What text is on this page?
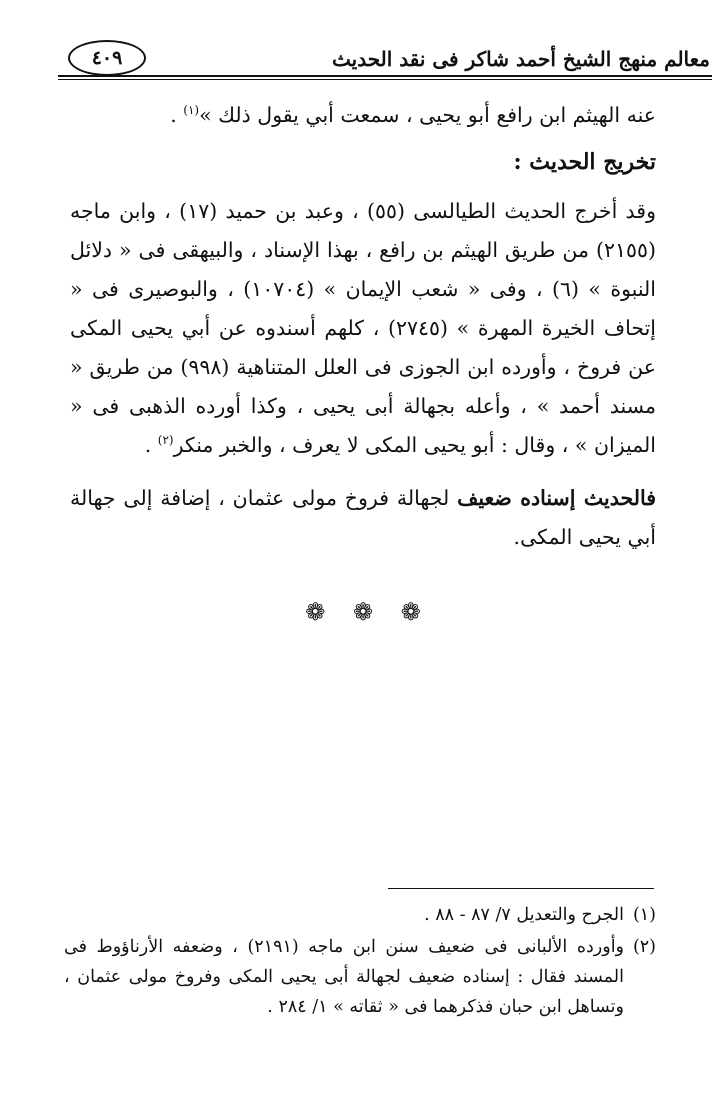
معالم منهج الشيخ أحمد شاكر فى نقد الحديث
٤٠٩

عنه الهيثم ابن رافع أبو يحيى ، سمعت أبي يقول ذلك »$^{(١)}$ .

تخريج الحديث :

وقد أخرج الحديث الطيالسى (٥٥) ، وعبد بن حميد (١٧) ، وابن ماجه (٢١٥٥) من طريق الهيثم بن رافع ، بهذا الإسناد ، والبيهقى فى « دلائل النبوة » (٦) ، وفى « شعب الإيمان » (١٠٧٠٤) ، والبوصيرى فى « إتحاف الخيرة المهرة » (٢٧٤٥) ، كلهم أسندوه عن أبي يحيى المكى عن فروخ ، وأورده ابن الجوزى فى العلل المتناهية (٩٩٨) من طريق « مسند أحمد » ، وأعله بجهالة أبى يحيى ، وكذا أورده الذهبى فى « الميزان » ، وقال : أبو يحيى المكى لا يعرف ، والخبر منكر$^{(٢)}$ .

فالحديث إسناده ضعيف لجهالة فروخ مولى عثمان ، إضافة إلى جهالة أبي يحيى المكى.

❁ ❁ ❁

(١)
الجرح والتعديل ٧/ ٨٧ - ٨٨ .

(٢)
وأورده الألبانى فى ضعيف سنن ابن ماجه (٢١٩١) ، وضعفه الأرناؤوط فى المسند فقال : إسناده ضعيف لجهالة أبى يحيى المكى وفروخ مولى عثمان ، وتساهل ابن حبان فذكرهما فى « ثقاته » ١/ ٢٨٤ .
